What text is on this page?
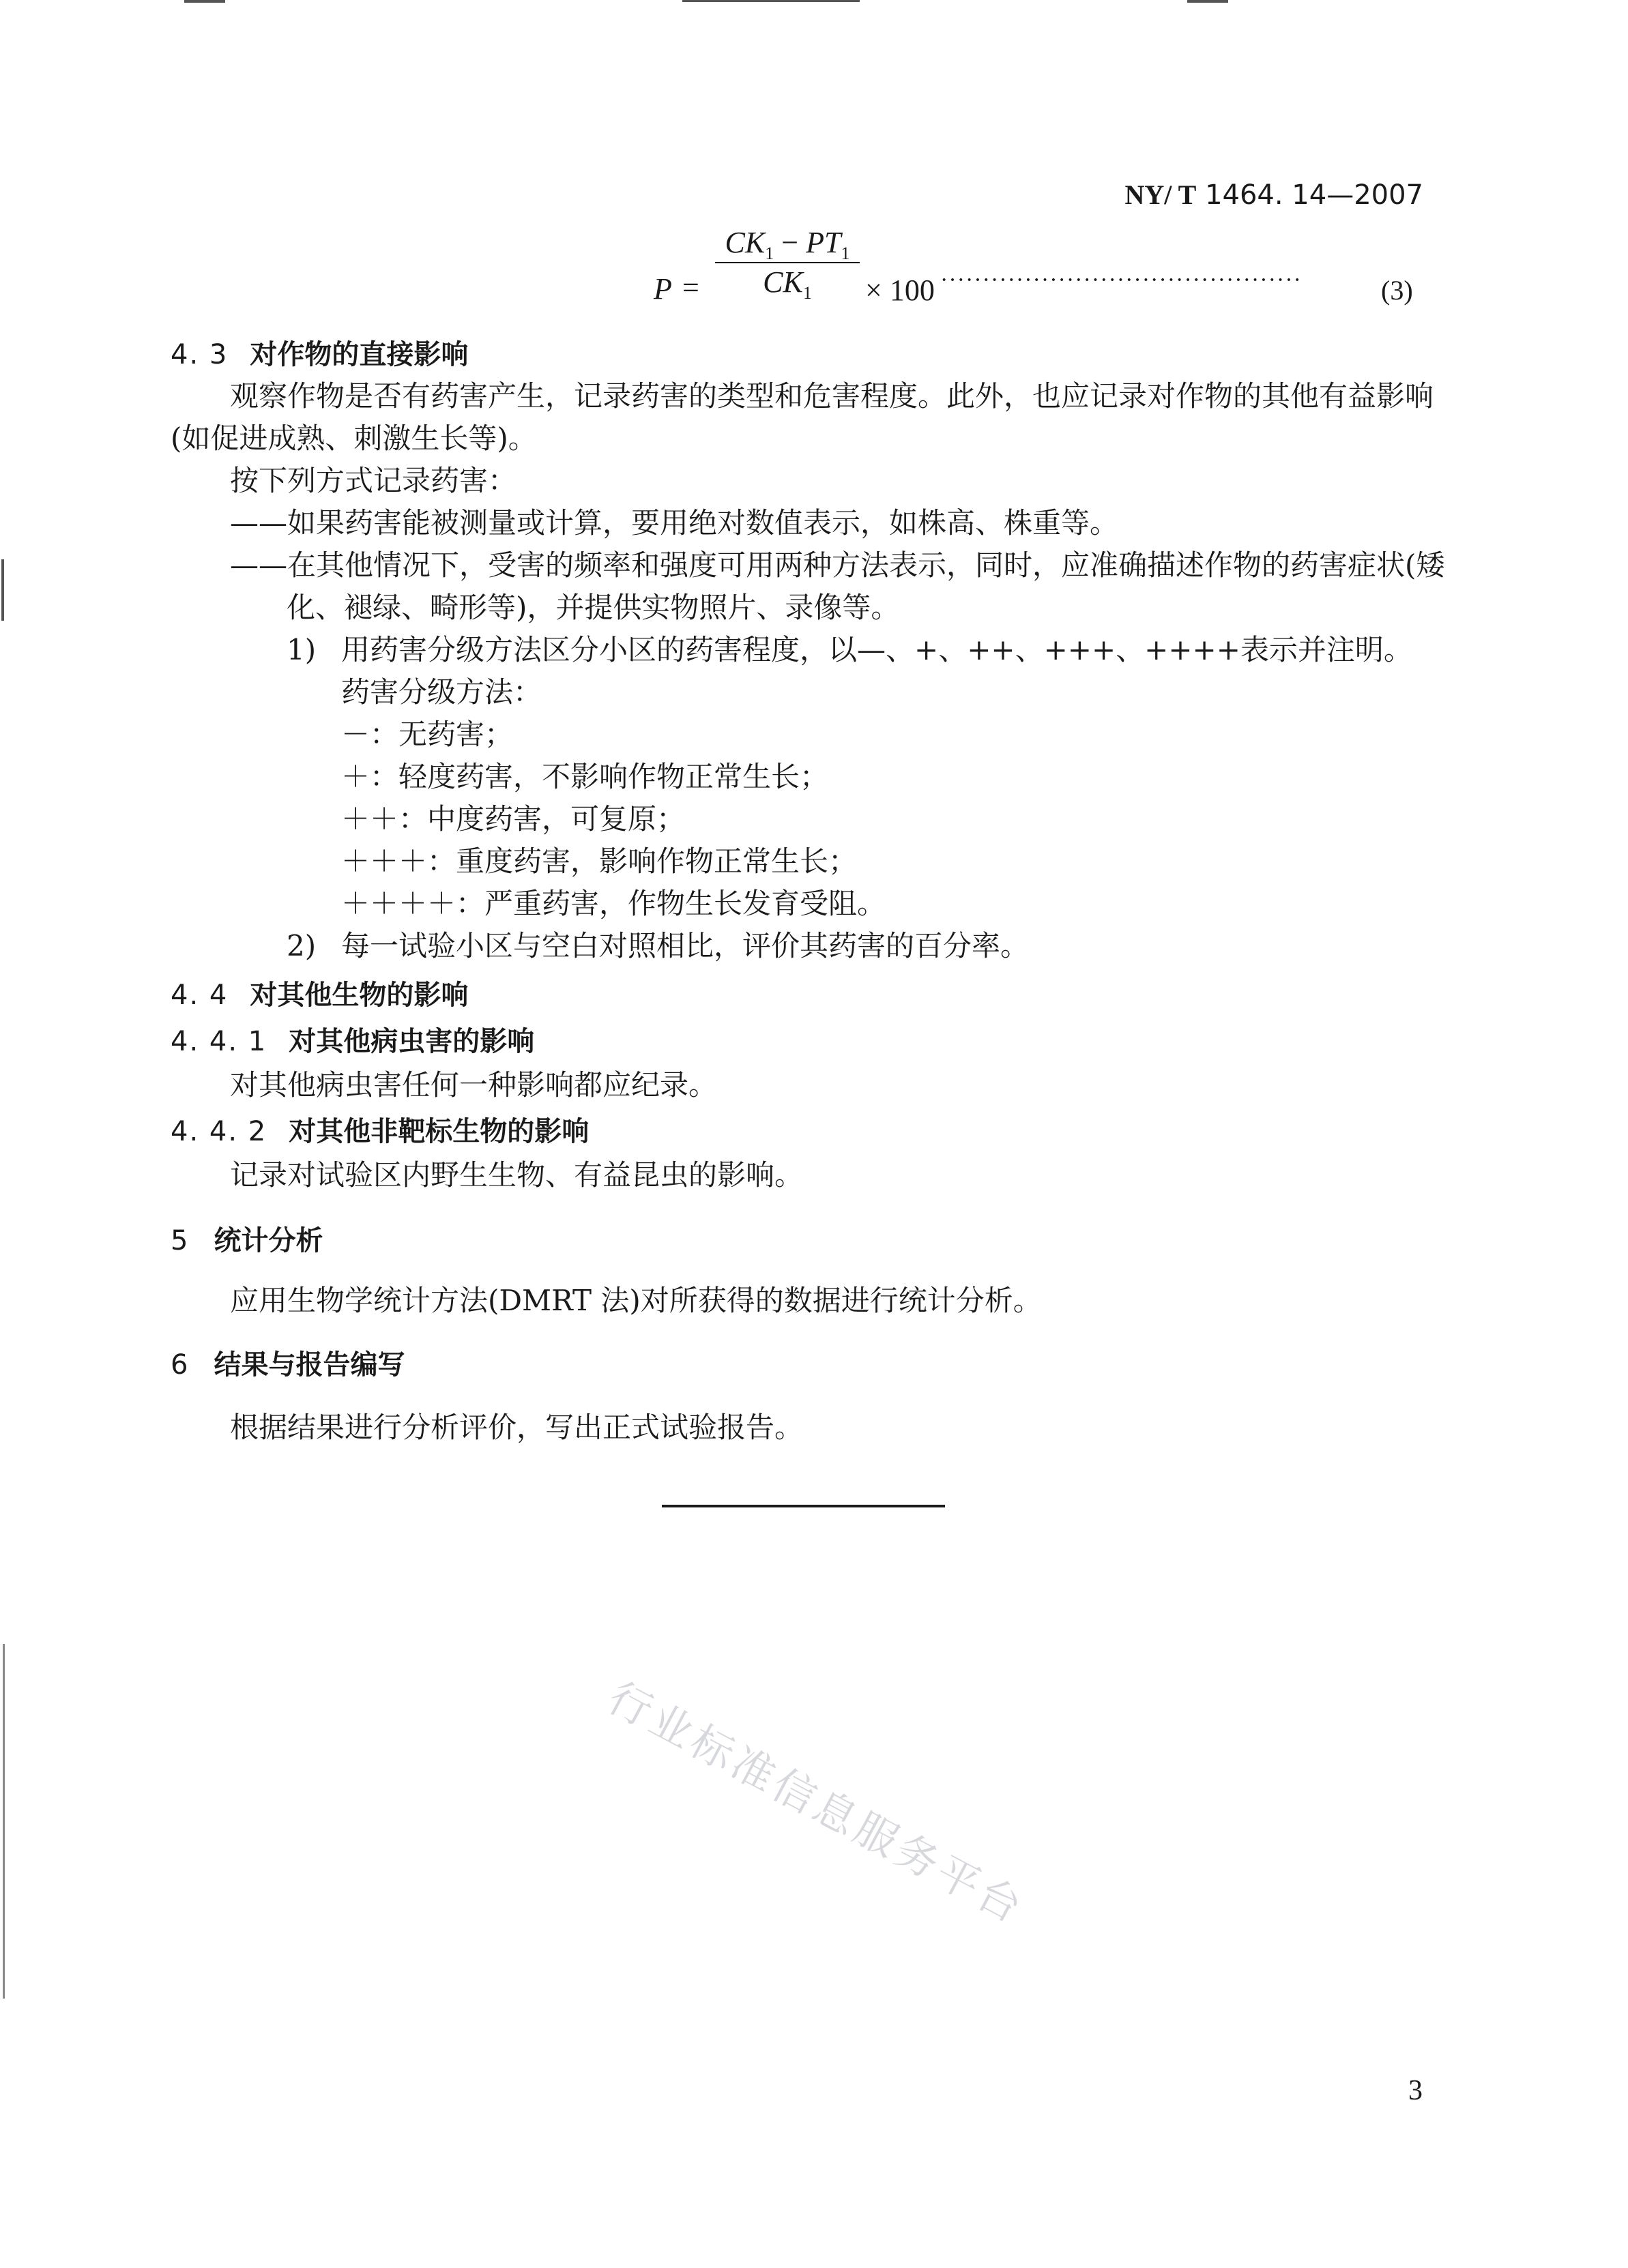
NY/ T 1464. 14—2007
P =
$CK_1 - PT_1$
$CK_1$	× 100 ···········································	(3)
4. 3 对作物的直接影响
观察作物是否有药害产生，记录药害的类型和危害程度。此外，也应记录对作物的其他有益影响
(如促进成熟、刺激生长等)。
按下列方式记录药害：
——如果药害能被测量或计算，要用绝对数值表示，如株高、株重等。
——在其他情况下，受害的频率和强度可用两种方法表示，同时，应准确描述作物的药害症状(矮
化、褪绿、畸形等)，并提供实物照片、录像等。
1) 用药害分级方法区分小区的药害程度，以—、+、++、+++、++++表示并注明。
药害分级方法：
－：无药害；
＋：轻度药害，不影响作物正常生长；
＋＋：中度药害，可复原；
＋＋＋：重度药害，影响作物正常生长；
＋＋＋＋：严重药害，作物生长发育受阻。
2) 每一试验小区与空白对照相比，评价其药害的百分率。
4. 4 对其他生物的影响
4. 4. 1 对其他病虫害的影响
对其他病虫害任何一种影响都应纪录。
4. 4. 2 对其他非靶标生物的影响
记录对试验区内野生生物、有益昆虫的影响。
5 统计分析
应用生物学统计方法(DMRT 法)对所获得的数据进行统计分析。
6 结果与报告编写
根据结果进行分析评价，写出正式试验报告。
行业标准信息服务平台
3
